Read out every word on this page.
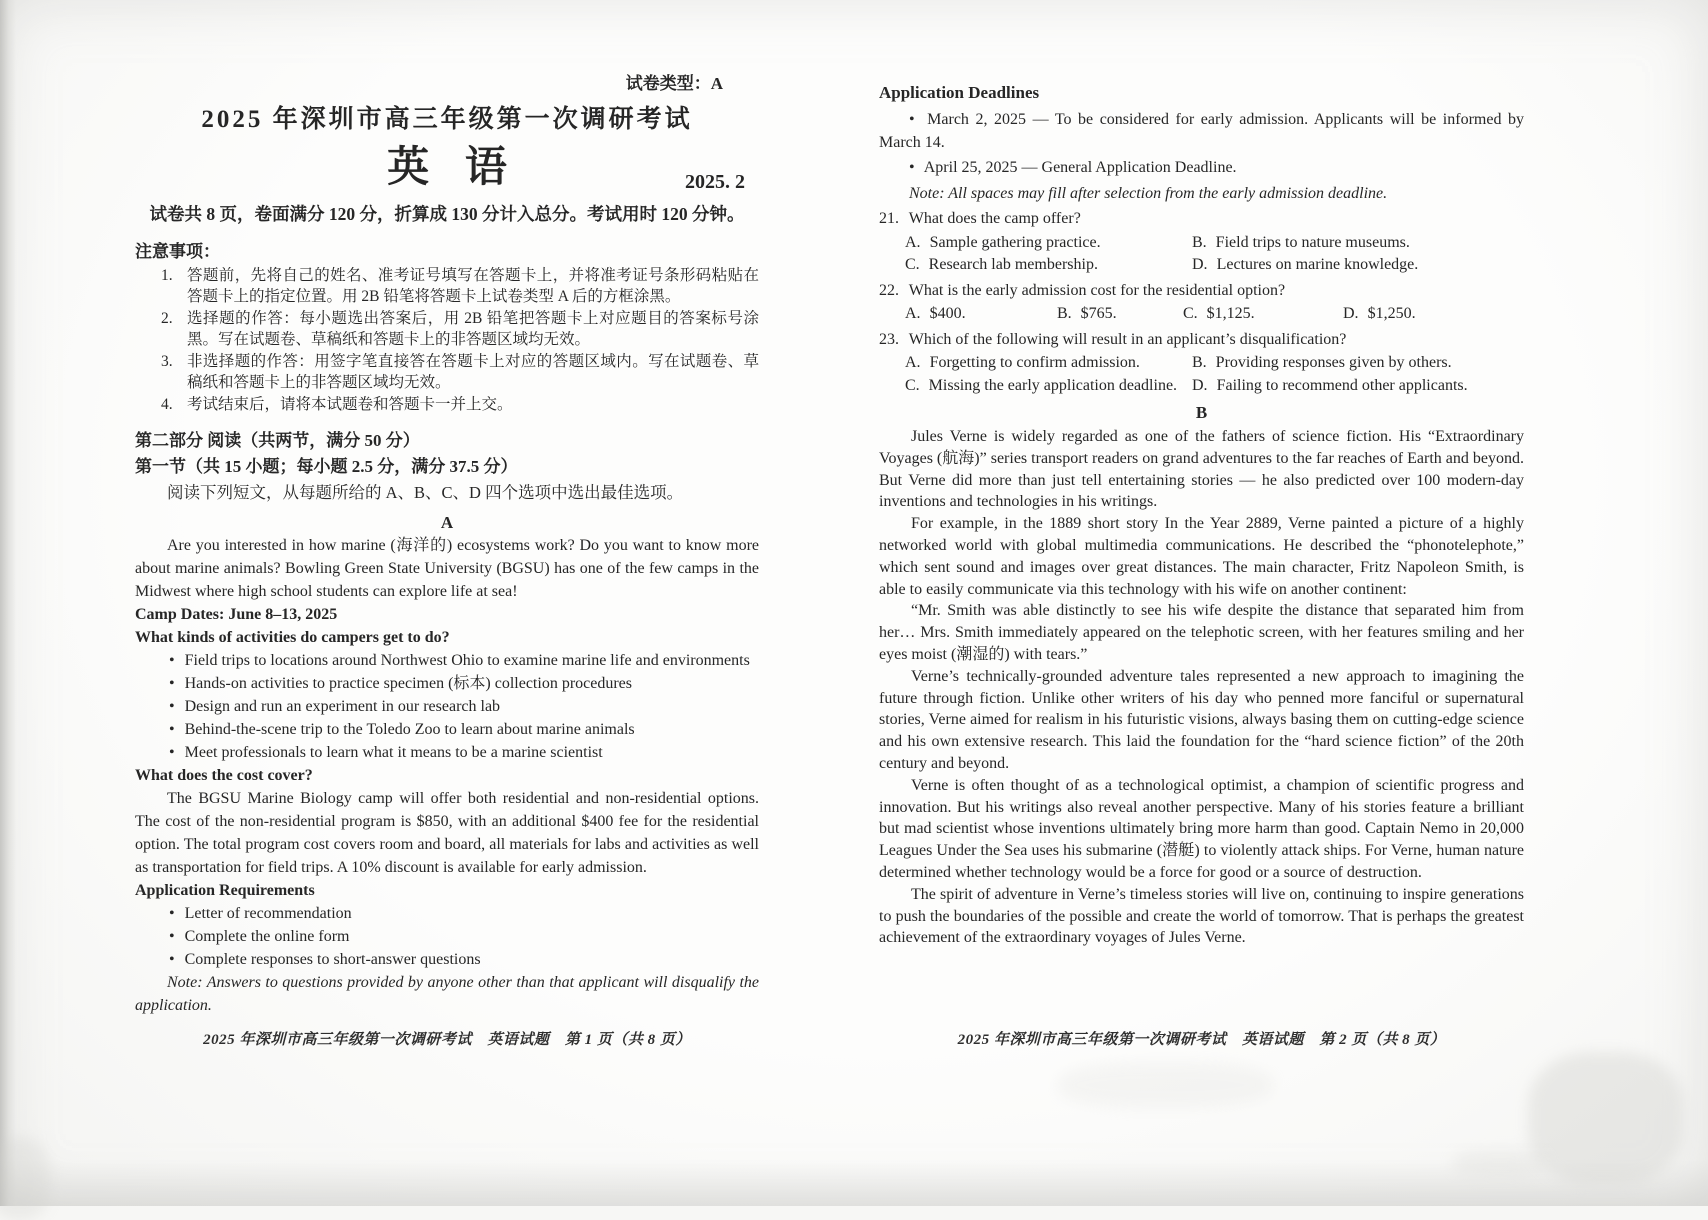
试卷类型：A

2025 年深圳市高三年级第一次调研考试
英语	2025. 2

试卷共 8 页，卷面满分 120 分，折算成 130 分计入总分。考试用时 120 分钟。

注意事项：

1. 答题前，先将自己的姓名、准考证号填写在答题卡上，并将准考证号条形码粘贴在答题卡上的指定位置。用 2B 铅笔将答题卡上试卷类型 A 后的方框涂黑。

2. 选择题的作答：每小题选出答案后，用 2B 铅笔把答题卡上对应题目的答案标号涂黑。写在试题卷、草稿纸和答题卡上的非答题区域均无效。

3. 非选择题的作答：用签字笔直接答在答题卡上对应的答题区域内。写在试题卷、草稿纸和答题卡上的非答题区域均无效。

4. 考试结束后，请将本试题卷和答题卡一并上交。

第二部分 阅读（共两节，满分 50 分）
第一节（共 15 小题；每小题 2.5 分，满分 37.5 分）

阅读下列短文，从每题所给的 A、B、C、D 四个选项中选出最佳选项。

A

Are you interested in how marine (海洋的) ecosystems work? Do you want to know more about marine animals? Bowling Green State University (BGSU) has one of the few camps in the Midwest where high school students can explore life at sea!

Camp Dates: June 8–13, 2025

What kinds of activities do campers get to do?

• Field trips to locations around Northwest Ohio to examine marine life and environments

• Hands-on activities to practice specimen (标本) collection procedures

• Design and run an experiment in our research lab

• Behind-the-scene trip to the Toledo Zoo to learn about marine animals

• Meet professionals to learn what it means to be a marine scientist

What does the cost cover?

The BGSU Marine Biology camp will offer both residential and non-residential options. The cost of the non-residential program is $850, with an additional $400 fee for the residential option. The total program cost covers room and board, all materials for labs and activities as well as transportation for field trips. A 10% discount is available for early admission.

Application Requirements

• Letter of recommendation

• Complete the online form

• Complete responses to short-answer questions

Note: Answers to questions provided by anyone other than that applicant will disqualify the application.

Application Deadlines

• March 2, 2025 — To be considered for early admission. Applicants will be informed by March 14.

• April 25, 2025 — General Application Deadline.

Note: All spaces may fill after selection from the early admission deadline.

21. What does the camp offer?

A. Sample gathering practice.	B. Field trips to nature museums.

C. Research lab membership.	D. Lectures on marine knowledge.

22. What is the early admission cost for the residential option?

A. $400.	B. $765.	C. $1,125.	D. $1,250.

23. Which of the following will result in an applicant’s disqualification?

A. Forgetting to confirm admission.	B. Providing responses given by others.

C. Missing the early application deadline. D. Failing to recommend other applicants.

B

Jules Verne is widely regarded as one of the fathers of science fiction. His “Extraordinary Voyages (航海)” series transport readers on grand adventures to the far reaches of Earth and beyond. But Verne did more than just tell entertaining stories — he also predicted over 100 modern-day inventions and technologies in his writings.

For example, in the 1889 short story In the Year 2889, Verne painted a picture of a highly networked world with global multimedia communications. He described the “phonotelephote,” which sent sound and images over great distances. The main character, Fritz Napoleon Smith, is able to easily communicate via this technology with his wife on another continent:

“Mr. Smith was able distinctly to see his wife despite the distance that separated him from her… Mrs. Smith immediately appeared on the telephotic screen, with her features smiling and her eyes moist (潮湿的) with tears.”

Verne’s technically-grounded adventure tales represented a new approach to imagining the future through fiction. Unlike other writers of his day who penned more fanciful or supernatural stories, Verne aimed for realism in his futuristic visions, always basing them on cutting-edge science and his own extensive research. This laid the foundation for the “hard science fiction” of the 20th century and beyond.

Verne is often thought of as a technological optimist, a champion of scientific progress and innovation. But his writings also reveal another perspective. Many of his stories feature a brilliant but mad scientist whose inventions ultimately bring more harm than good. Captain Nemo in 20,000 Leagues Under the Sea uses his submarine (潜艇) to violently attack ships. For Verne, human nature determined whether technology would be a force for good or a source of destruction.

The spirit of adventure in Verne’s timeless stories will live on, continuing to inspire generations to push the boundaries of the possible and create the world of tomorrow. That is perhaps the greatest achievement of the extraordinary voyages of Jules Verne.

2025 年深圳市高三年级第一次调研考试　英语试题　第 1 页（共 8 页）	2025 年深圳市高三年级第一次调研考试　英语试题　第 2 页（共 8 页）
